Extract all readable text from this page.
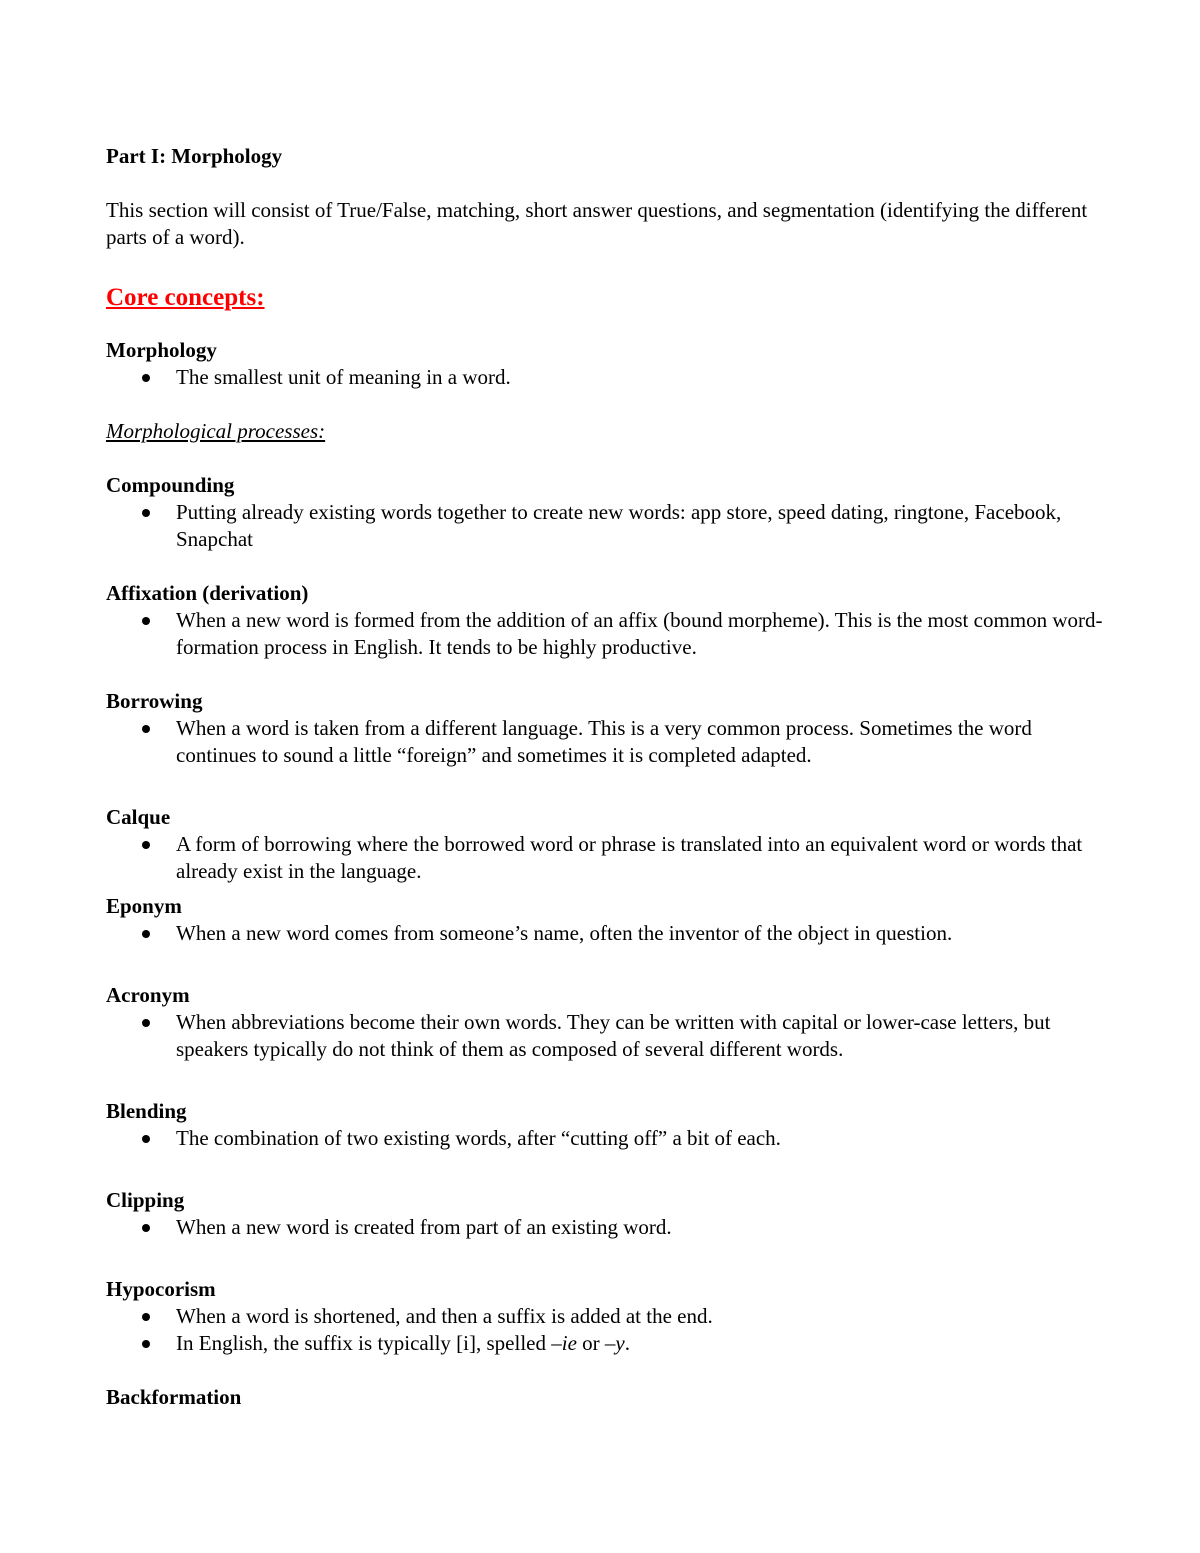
Part I: Morphology

This section will consist of True/False, matching, short answer questions, and segmentation (identifying the different parts of a word).

Core concepts:

Morphology

The smallest unit of meaning in a word.

Morphological processes:

Compounding

Putting already existing words together to create new words: app store, speed dating, ringtone, Facebook, Snapchat

Affixation (derivation)

When a new word is formed from the addition of an affix (bound morpheme). This is the most common word-formation process in English. It tends to be highly productive.

Borrowing

When a word is taken from a different language. This is a very common process. Sometimes the word continues to sound a little “foreign” and sometimes it is completed adapted.

Calque

A form of borrowing where the borrowed word or phrase is translated into an equivalent word or words that already exist in the language.

Eponym

When a new word comes from someone’s name, often the inventor of the object in question.

Acronym

When abbreviations become their own words. They can be written with capital or lower-case letters, but speakers typically do not think of them as composed of several different words.

Blending

The combination of two existing words, after “cutting off” a bit of each.

Clipping

When a new word is created from part of an existing word.

Hypocorism

When a word is shortened, and then a suffix is added at the end.
In English, the suffix is typically [i], spelled –ie or –y.

Backformation
